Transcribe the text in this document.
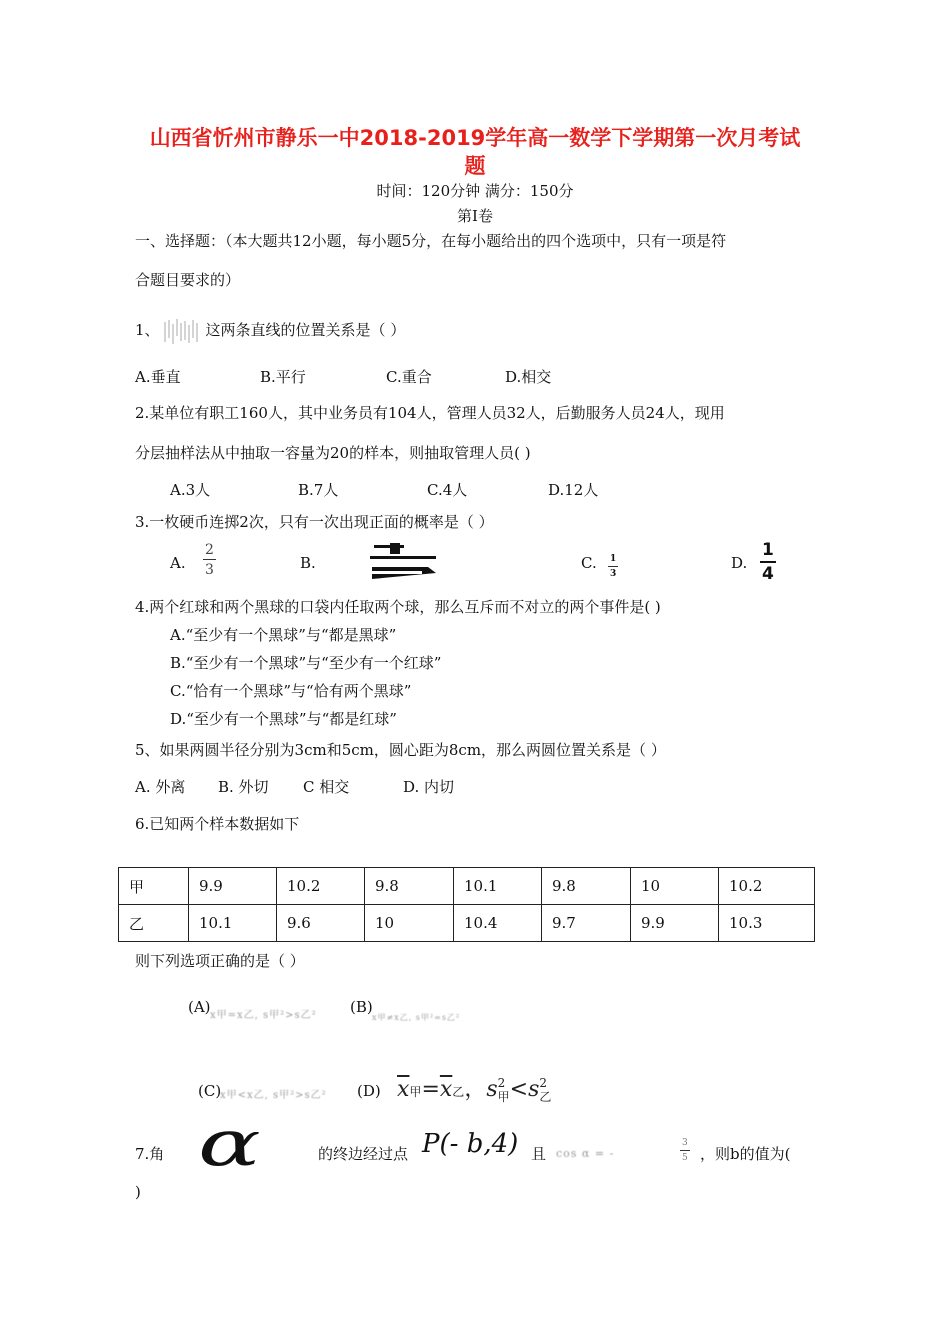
山西省忻州市静乐一中2018-2019学年高一数学下学期第一次月考试
题
时间：120分钟 满分：150分
第Ⅰ卷
一、选择题：（本大题共12小题，每小题5分，在每小题给出的四个选项中，只有一项是符
合题目要求的）
1、	这两条直线的位置关系是（ ）
A.垂直	B.平行	C.重合	D.相交
2.某单位有职工160人，其中业务员有104人，管理人员32人，后勤服务人员24人，现用
分层抽样法从中抽取一容量为20的样本，则抽取管理人员( )
A.3人	B.7人	C.4人	D.12人
3.一枚硬币连掷2次，只有一次出现正面的概率是（ ）
A. $\frac{2}{3}$	B.	C. $\frac{1}{3}$	D. $\frac{1}{4}$
4.两个红球和两个黑球的口袋内任取两个球，那么互斥而不对立的两个事件是( )
A.“至少有一个黑球”与“都是黑球”
B.“至少有一个黑球”与“至少有一个红球”
C.“恰有一个黑球”与“恰有两个黑球”
D.“至少有一个黑球”与“都是红球”
5、如果两圆半径分别为3cm和5cm，圆心距为8cm，那么两圆位置关系是（ ）
A. 外离 B. 外切 C 相交	D. 内切
6.已知两个样本数据如下
甲	9.9	10.2	9.8	10.1	9.8	10	10.2
乙	10.1	9.6	10	10.4	9.7	9.9	10.3
则下列选项正确的是（ ）
(A) x甲=x乙, s甲²>s乙² (B)
x甲≠x乙, s甲²=s乙²
(C)
x甲<x乙, s甲²>s乙² (D) $\overline{x}$甲$=\overline{x}$乙，s 2
甲 <s 2
乙
7.角 α	的终边经过点 P(- b,4) 且 cos α = -	$\frac{3}{5}$ ，则b的值为(
)
